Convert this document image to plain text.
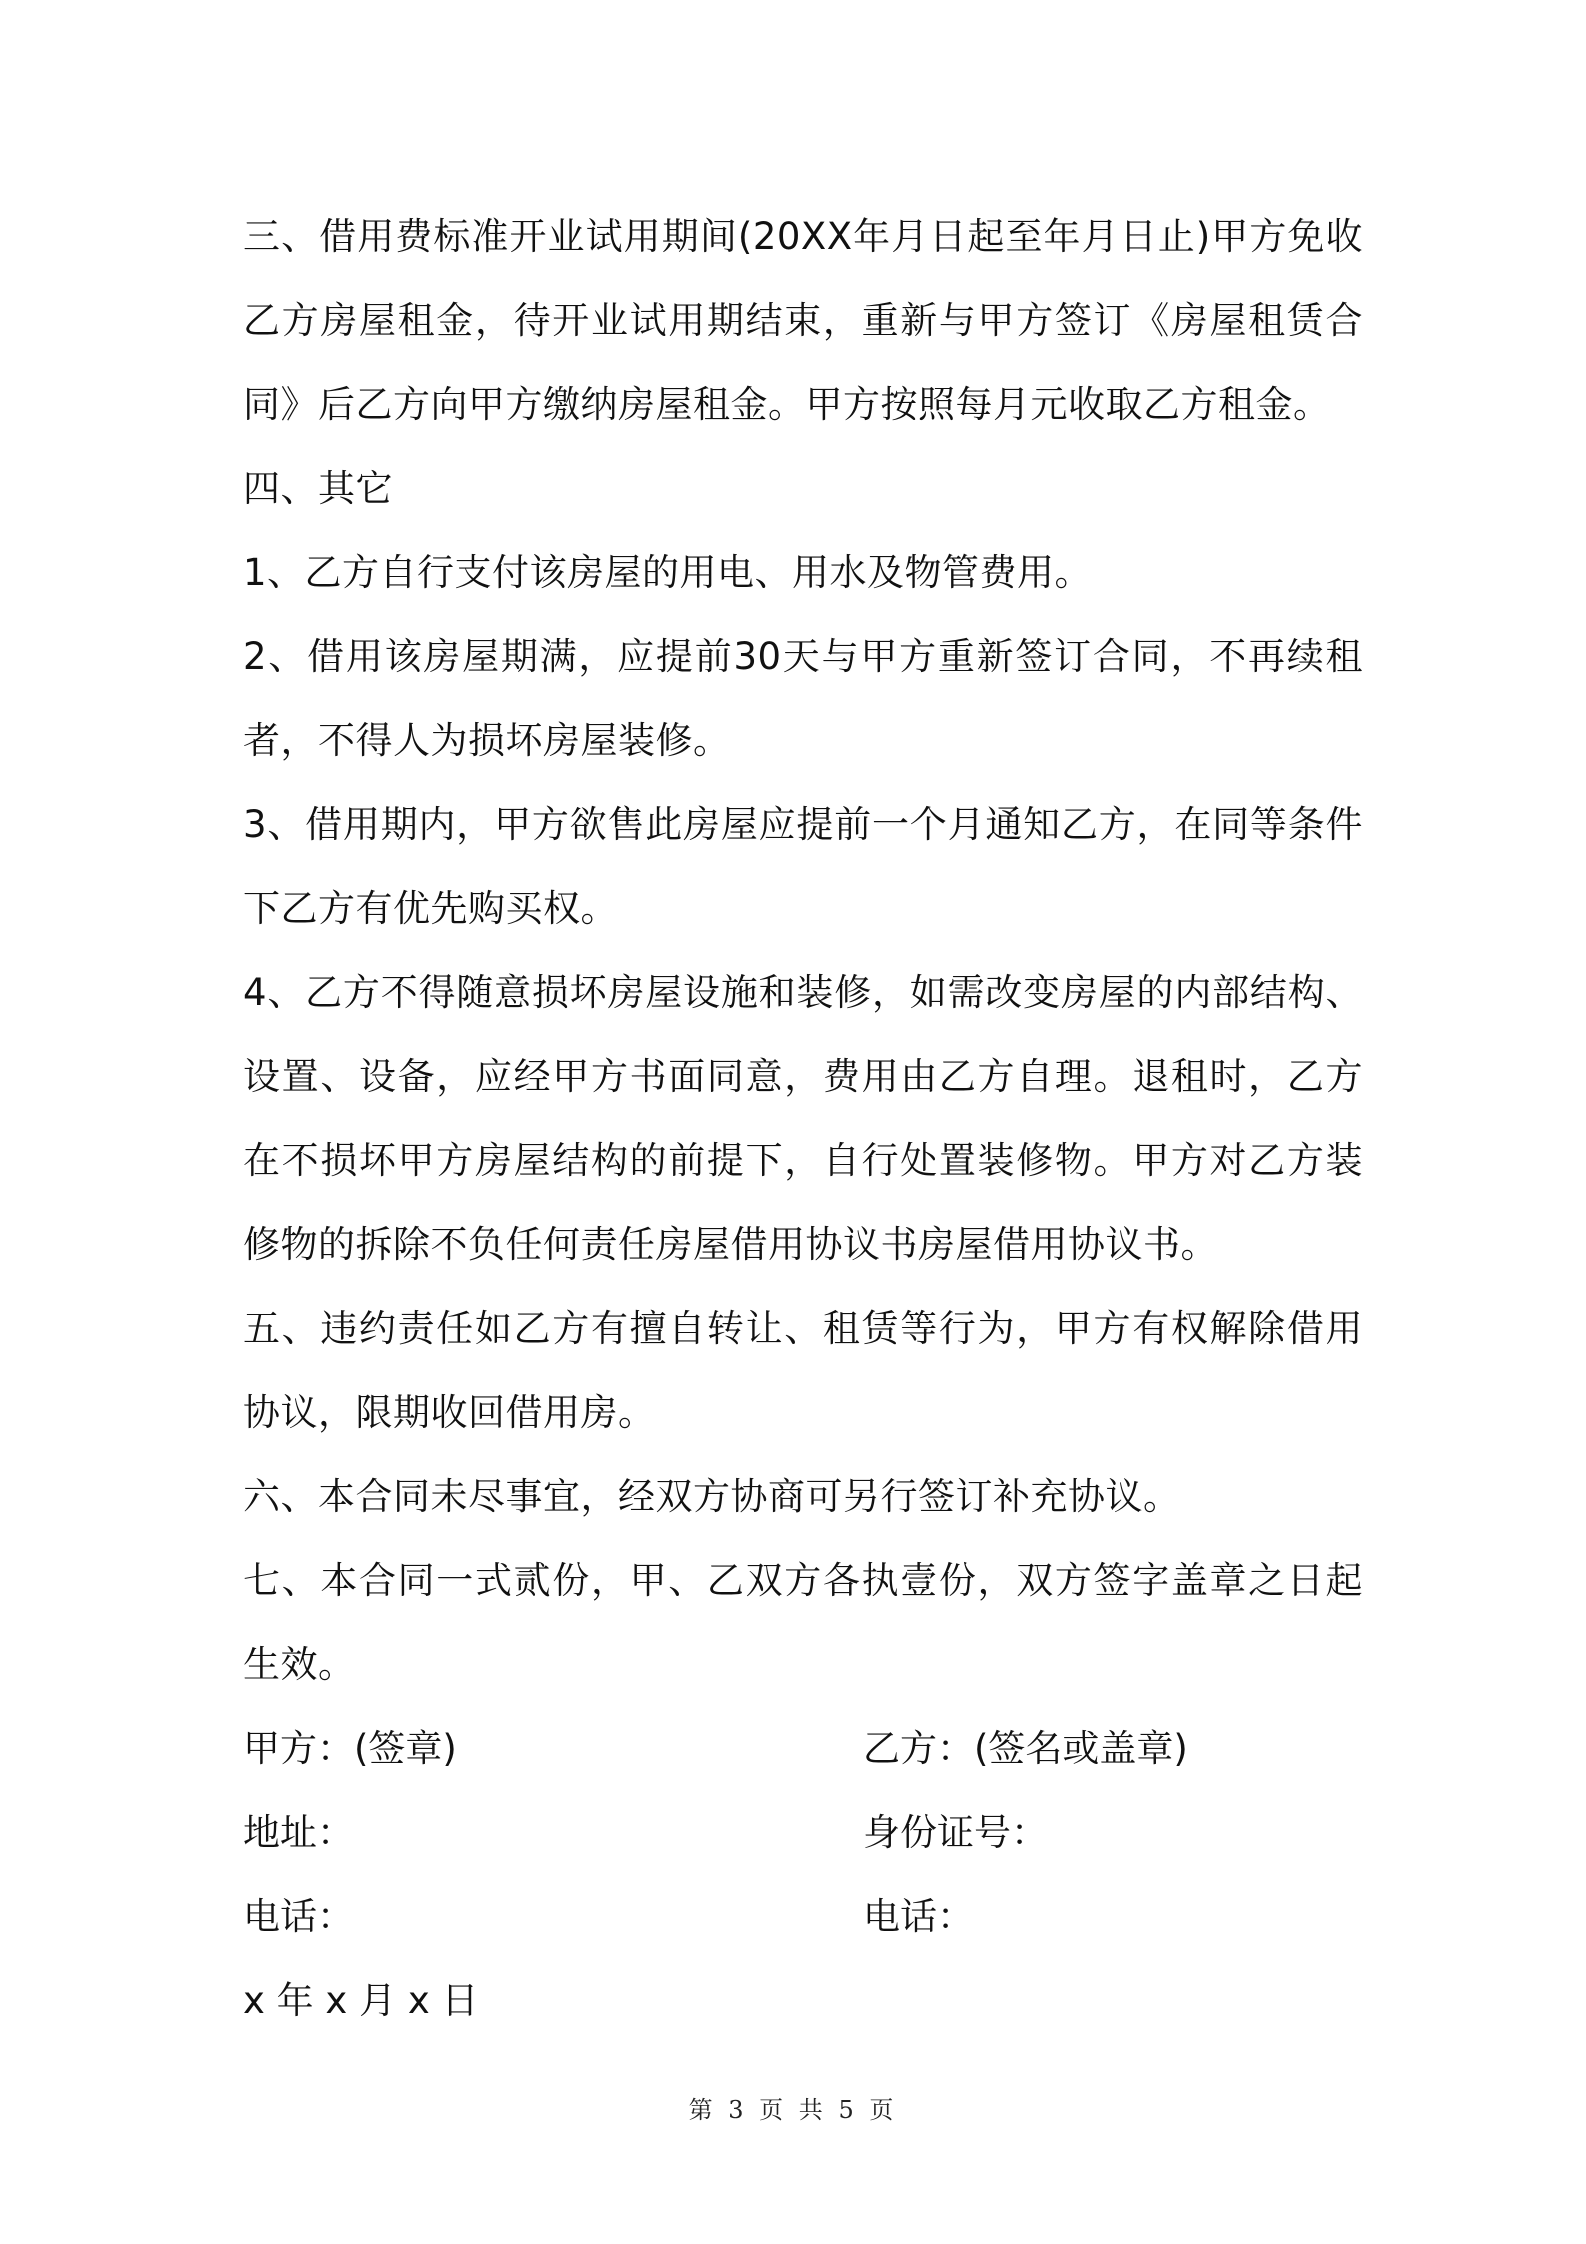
三、借用费标准开业试用期间(20XX年月日起至年月日止)甲方免收乙方房屋租金，待开业试用期结束，重新与甲方签订《房屋租赁合同》后乙方向甲方缴纳房屋租金。甲方按照每月元收取乙方租金。

四、其它

1、乙方自行支付该房屋的用电、用水及物管费用。

2、借用该房屋期满，应提前30天与甲方重新签订合同，不再续租者，不得人为损坏房屋装修。

3、借用期内，甲方欲售此房屋应提前一个月通知乙方，在同等条件下乙方有优先购买权。

4、乙方不得随意损坏房屋设施和装修，如需改变房屋的内部结构、设置、设备，应经甲方书面同意，费用由乙方自理。退租时，乙方在不损坏甲方房屋结构的前提下，自行处置装修物。甲方对乙方装修物的拆除不负任何责任房屋借用协议书房屋借用协议书。

五、违约责任如乙方有擅自转让、租赁等行为，甲方有权解除借用协议，限期收回借用房。

六、本合同未尽事宜，经双方协商可另行签订补充协议。

七、本合同一式贰份，甲、乙双方各执壹份，双方签字盖章之日起生效。

甲方：(签章)	乙方：(签名或盖章)
地址：	身份证号：
电话：	电话：
x 年 x 月 x 日
第 3 页 共 5 页
